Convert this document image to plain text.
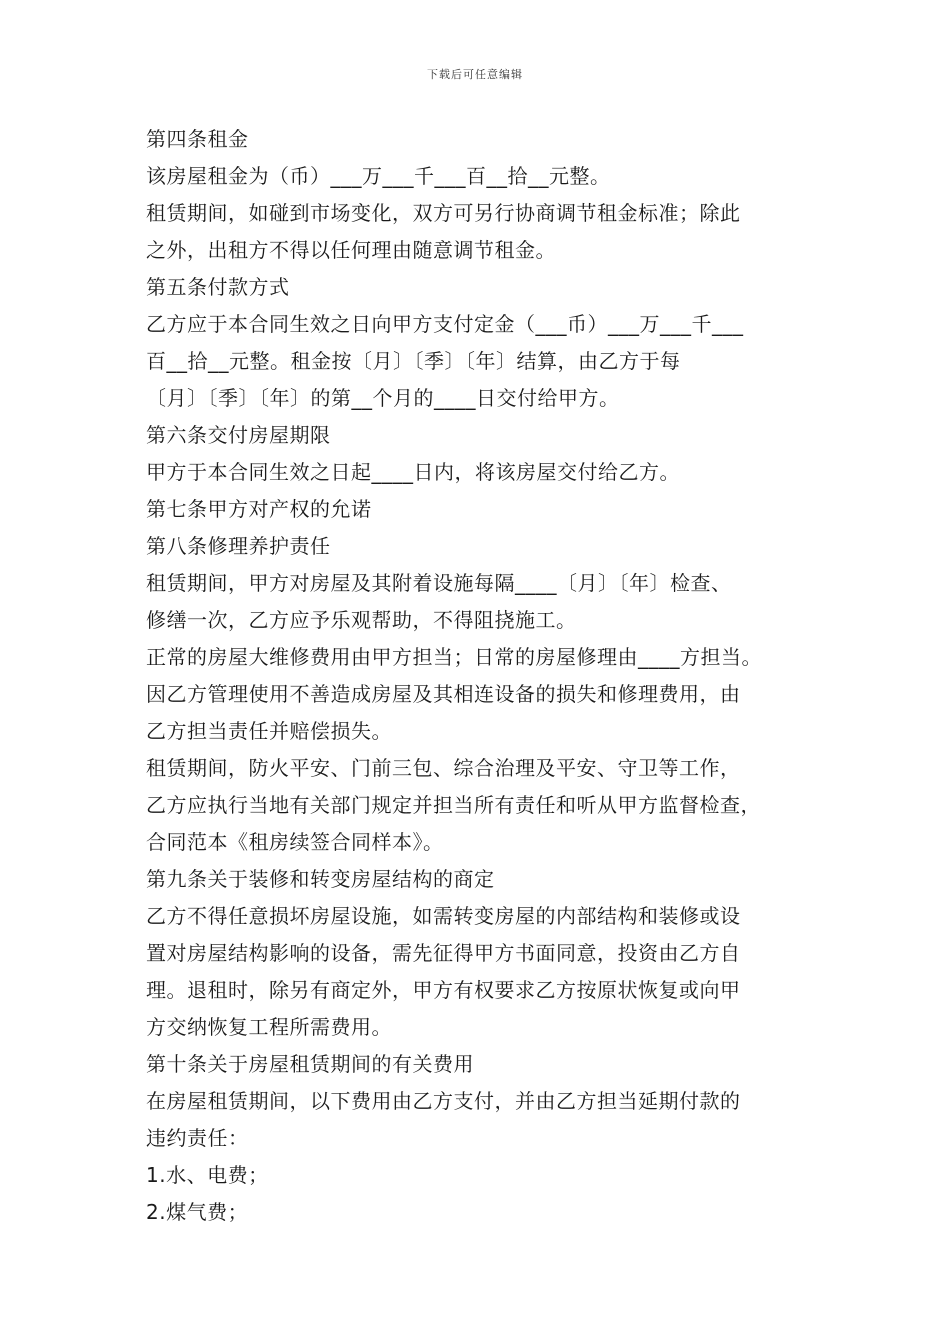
下载后可任意编辑
第四条租金
该房屋租金为（币）___万___千___百__拾__元整。
租赁期间，如碰到市场变化，双方可另行协商调节租金标准；除此
之外，出租方不得以任何理由随意调节租金。
第五条付款方式
乙方应于本合同生效之日向甲方支付定金（___币）___万___千___
百__拾__元整。租金按〔月〕〔季〕〔年〕结算，由乙方于每
〔月〕〔季〕〔年〕的第__个月的____日交付给甲方。
第六条交付房屋期限
甲方于本合同生效之日起____日内，将该房屋交付给乙方。
第七条甲方对产权的允诺
第八条修理养护责任
租赁期间，甲方对房屋及其附着设施每隔____〔月〕〔年〕检查、
修缮一次，乙方应予乐观帮助，不得阻挠施工。
正常的房屋大维修费用由甲方担当；日常的房屋修理由____方担当。
因乙方管理使用不善造成房屋及其相连设备的损失和修理费用，由
乙方担当责任并赔偿损失。
租赁期间，防火平安、门前三包、综合治理及平安、守卫等工作，
乙方应执行当地有关部门规定并担当所有责任和听从甲方监督检查，
合同范本《租房续签合同样本》。
第九条关于装修和转变房屋结构的商定
乙方不得任意损坏房屋设施，如需转变房屋的内部结构和装修或设
置对房屋结构影响的设备，需先征得甲方书面同意，投资由乙方自
理。退租时，除另有商定外，甲方有权要求乙方按原状恢复或向甲
方交纳恢复工程所需费用。
第十条关于房屋租赁期间的有关费用
在房屋租赁期间，以下费用由乙方支付，并由乙方担当延期付款的
违约责任：
1.水、电费；
2.煤气费；
